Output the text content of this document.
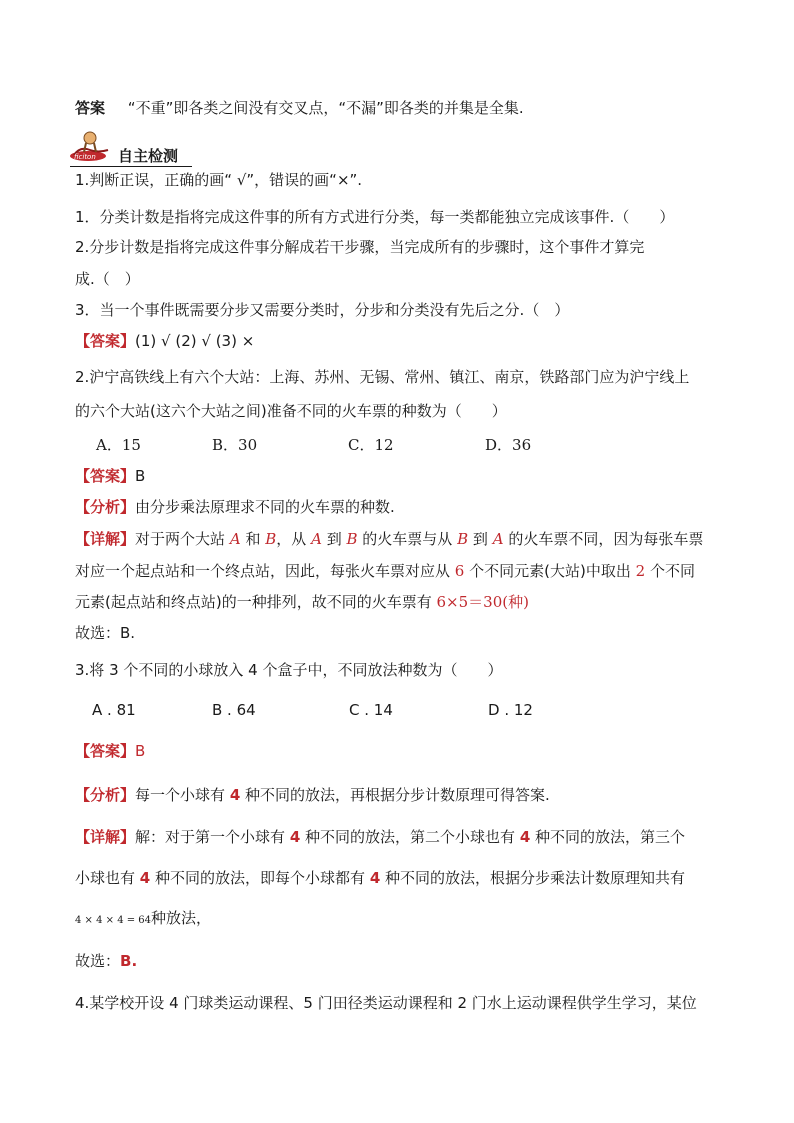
答案 “不重”即各类之间没有交叉点，“不漏”即各类的并集是全集.
ficiton 自主检测
1.判断正误，正确的画“ √”，错误的画“×”.
1．分类计数是指将完成这件事的所有方式进行分类，每一类都能独立完成该事件.（　　）
2.分步计数是指将完成这件事分解成若干步骤，当完成所有的步骤时，这个事件才算完
成.（　）
3．当一个事件既需要分步又需要分类时，分步和分类没有先后之分.（　）
【答案】(1) √ (2) √ (3) ×
2.沪宁高铁线上有六个大站：上海、苏州、无锡、常州、镇江、南京，铁路部门应为沪宁线上
的六个大站(这六个大站之间)准备不同的火车票的种数为（　　）
A．15	B．30	C．12	D．36
【答案】B
【分析】由分步乘法原理求不同的火车票的种数.
【详解】对于两个大站 A 和 B，从 A 到 B 的火车票与从 B 到 A 的火车票不同，因为每张车票
对应一个起点站和一个终点站，因此，每张火车票对应从 6 个不同元素(大站)中取出 2 个不同
元素(起点站和终点站)的一种排列，故不同的火车票有 6×5＝30(种)
故选：B.
3.将 3 个不同的小球放入 4 个盒子中，不同放法种数为（　　）
A . 81	B . 64	C . 14	D . 12
【答案】B
【分析】每一个小球有 4 种不同的放法，再根据分步计数原理可得答案.
【详解】解：对于第一个小球有 4 种不同的放法，第二个小球也有 4 种不同的放法，第三个
小球也有 4 种不同的放法，即每个小球都有 4 种不同的放法，根据分步乘法计数原理知共有
4 × 4 × 4 = 64种放法，
故选：B.
4.某学校开设 4 门球类运动课程、5 门田径类运动课程和 2 门水上运动课程供学生学习，某位
